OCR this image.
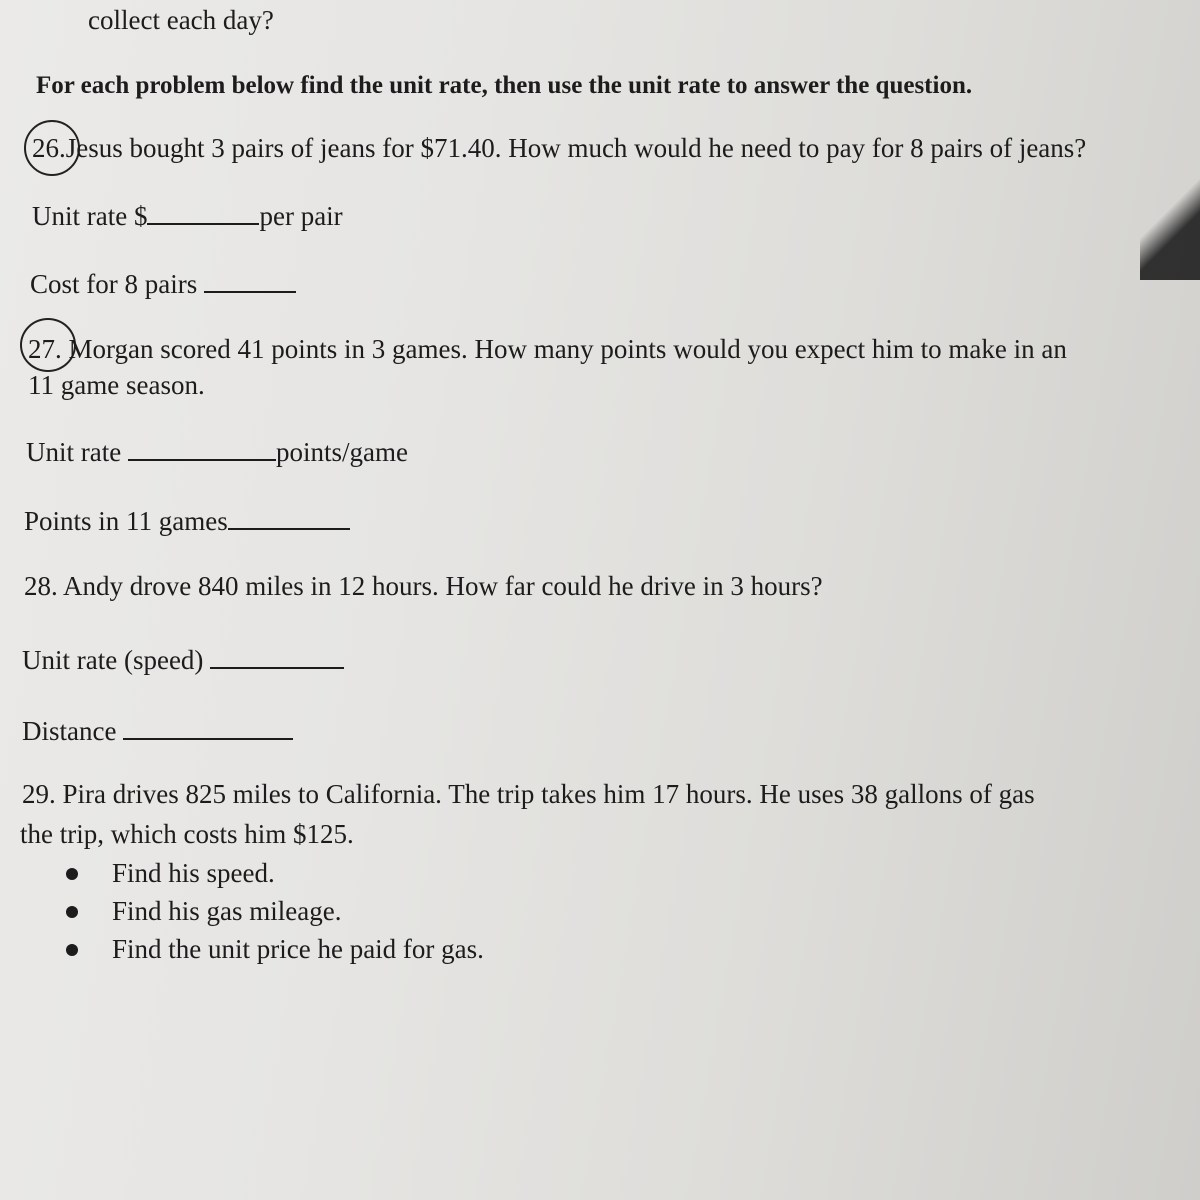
collect each day?
For each problem below find the unit rate, then use the unit rate to answer the question.
26.Jesus bought 3 pairs of jeans for $71.40. How much would he need to pay for 8 pairs of jeans?
Unit rate $	per pair
Cost for 8 pairs
27. Morgan scored 41 points in 3 games. How many points would you expect him to make in an
11 game season.
Unit rate	points/game
Points in 11 games
28. Andy drove 840 miles in 12 hours. How far could he drive in 3 hours?
Unit rate (speed)
Distance
29. Pira drives 825 miles to California. The trip takes him 17 hours. He uses 38 gallons of gas
the trip, which costs him $125.
Find his speed.
Find his gas mileage.
Find the unit price he paid for gas.
